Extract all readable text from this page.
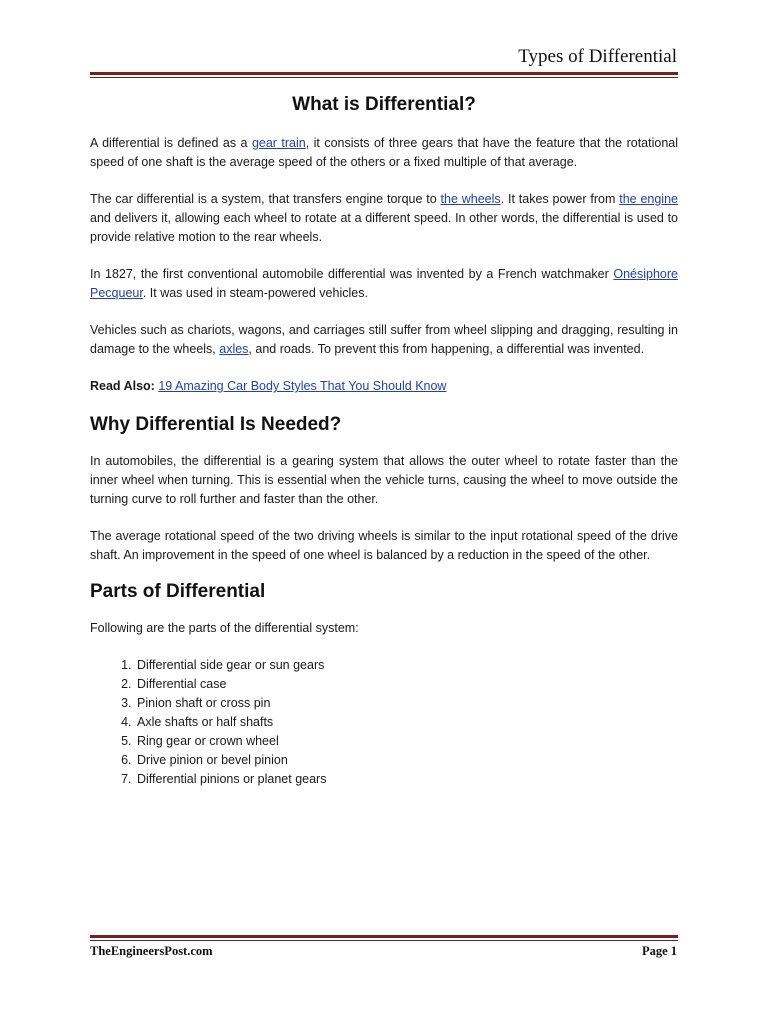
Types of Differential
What is Differential?

A differential is defined as a gear train, it consists of three gears that have the feature that the rotational speed of one shaft is the average speed of the others or a fixed multiple of that average.

The car differential is a system, that transfers engine torque to the wheels. It takes power from the engine and delivers it, allowing each wheel to rotate at a different speed. In other words, the differential is used to provide relative motion to the rear wheels.

In 1827, the first conventional automobile differential was invented by a French watchmaker Onésiphore Pecqueur. It was used in steam-powered vehicles.

Vehicles such as chariots, wagons, and carriages still suffer from wheel slipping and dragging, resulting in damage to the wheels, axles, and roads. To prevent this from happening, a differential was invented.

Read Also: 19 Amazing Car Body Styles That You Should Know

Why Differential Is Needed?

In automobiles, the differential is a gearing system that allows the outer wheel to rotate faster than the inner wheel when turning. This is essential when the vehicle turns, causing the wheel to move outside the turning curve to roll further and faster than the other.

The average rotational speed of the two driving wheels is similar to the input rotational speed of the drive shaft. An improvement in the speed of one wheel is balanced by a reduction in the speed of the other.

Parts of Differential

Following are the parts of the differential system:

1. Differential side gear or sun gears
2. Differential case
3. Pinion shaft or cross pin
4. Axle shafts or half shafts
5. Ring gear or crown wheel
6. Drive pinion or bevel pinion
7. Differential pinions or planet gears
TheEngineersPost.com	Page 1
